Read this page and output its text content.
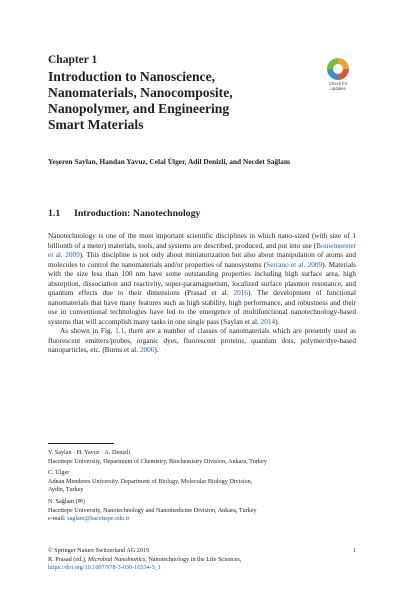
Chapter 1
Introduction to Nanoscience,
Nanomaterials, Nanocomposite,
Nanopolymer, and Engineering
Smart Materials
Check for
updates
Yeşeren Saylan, Handan Yavuz, Celal Ülger, Adil Denizli, and Necdet Sağlam
1.1 Introduction: Nanotechnology

Nanotechnology is one of the most important scientific disciplines in which nano-sized (with size of 1 billionth of a meter) materials, tools, and systems are described, produced, and put into use (Bouwmeester et al. 2009). This discipline is not only about miniaturization but also about manipulation of atoms and molecules to control the nanomaterials and/or properties of nanosystems (Serrano et al. 2009). Materials with the size less than 100 nm have some outstanding properties including high surface area, high absorption, dissociation and reactivity, super-paramagnetism, localized surface plasmon resonance, and quantum effects due to their dimensions (Prasad et al. 2016). The development of functional nanomaterials that have many features such as high stability, high performance, and robustness and their use in conventional technologies have led to the emergence of multifunctional nanotechnology-based systems that will accomplish many tasks in one single pass (Saylan et al. 2014).

As shown in Fig. 1.1, there are a number of classes of nanomaterials which are presently used as fluorescent emitters/probes, organic dyes, fluorescent proteins, quantum dots, polymer/dye-based nanoparticles, etc. (Burns et al. 2006).

Y. Saylan · H. Yavuz · A. Denizli
Hacettepe University, Department of Chemistry, Biochemistry Division, Ankara, Turkey
C. Ülger
Adnan Menderes University, Department of Biology, Molecular Biology Division,
Aydin, Turkey
N. Sağlam (✉)
Hacettepe University, Nanotechnology and Nanomedicine Division, Ankara, Turkey
e-mail: saglam@hacettepe.edu.tr
© Springer Nature Switzerland AG 2019	1
R. Prasad (ed.), Microbial Nanobionics, Nanotechnology in the Life Sciences,
https://doi.org/10.1007/978-3-030-16534-5_1
